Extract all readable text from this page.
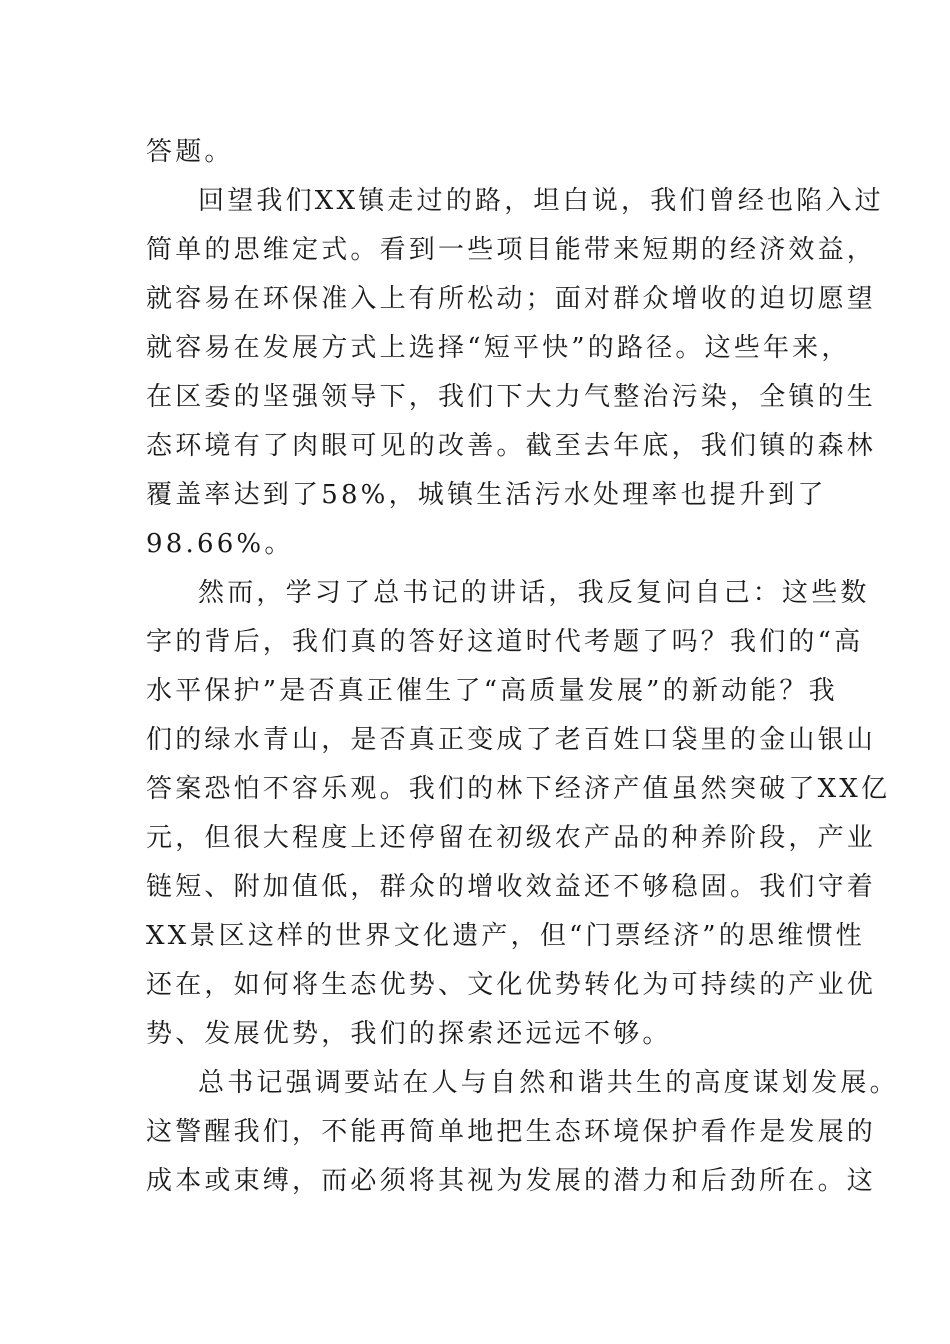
答题。
回望我们XX镇走过的路，坦白说，我们曾经也陷入过
简单的思维定式。看到一些项目能带来短期的经济效益，
就容易在环保准入上有所松动；面对群众增收的迫切愿望
就容易在发展方式上选择“短平快”的路径。这些年来，
在区委的坚强领导下，我们下大力气整治污染，全镇的生
态环境有了肉眼可见的改善。截至去年底，我们镇的森林
覆盖率达到了58%，城镇生活污水处理率也提升到了
98.66%。
然而，学习了总书记的讲话，我反复问自己：这些数
字的背后，我们真的答好这道时代考题了吗？我们的“高
水平保护”是否真正催生了“高质量发展”的新动能？我
们的绿水青山，是否真正变成了老百姓口袋里的金山银山
答案恐怕不容乐观。我们的林下经济产值虽然突破了XX亿
元，但很大程度上还停留在初级农产品的种养阶段，产业
链短、附加值低，群众的增收效益还不够稳固。我们守着
XX景区这样的世界文化遗产，但“门票经济”的思维惯性
还在，如何将生态优势、文化优势转化为可持续的产业优
势、发展优势，我们的探索还远远不够。
总书记强调要站在人与自然和谐共生的高度谋划发展。
这警醒我们，不能再简单地把生态环境保护看作是发展的
成本或束缚，而必须将其视为发展的潜力和后劲所在。这
